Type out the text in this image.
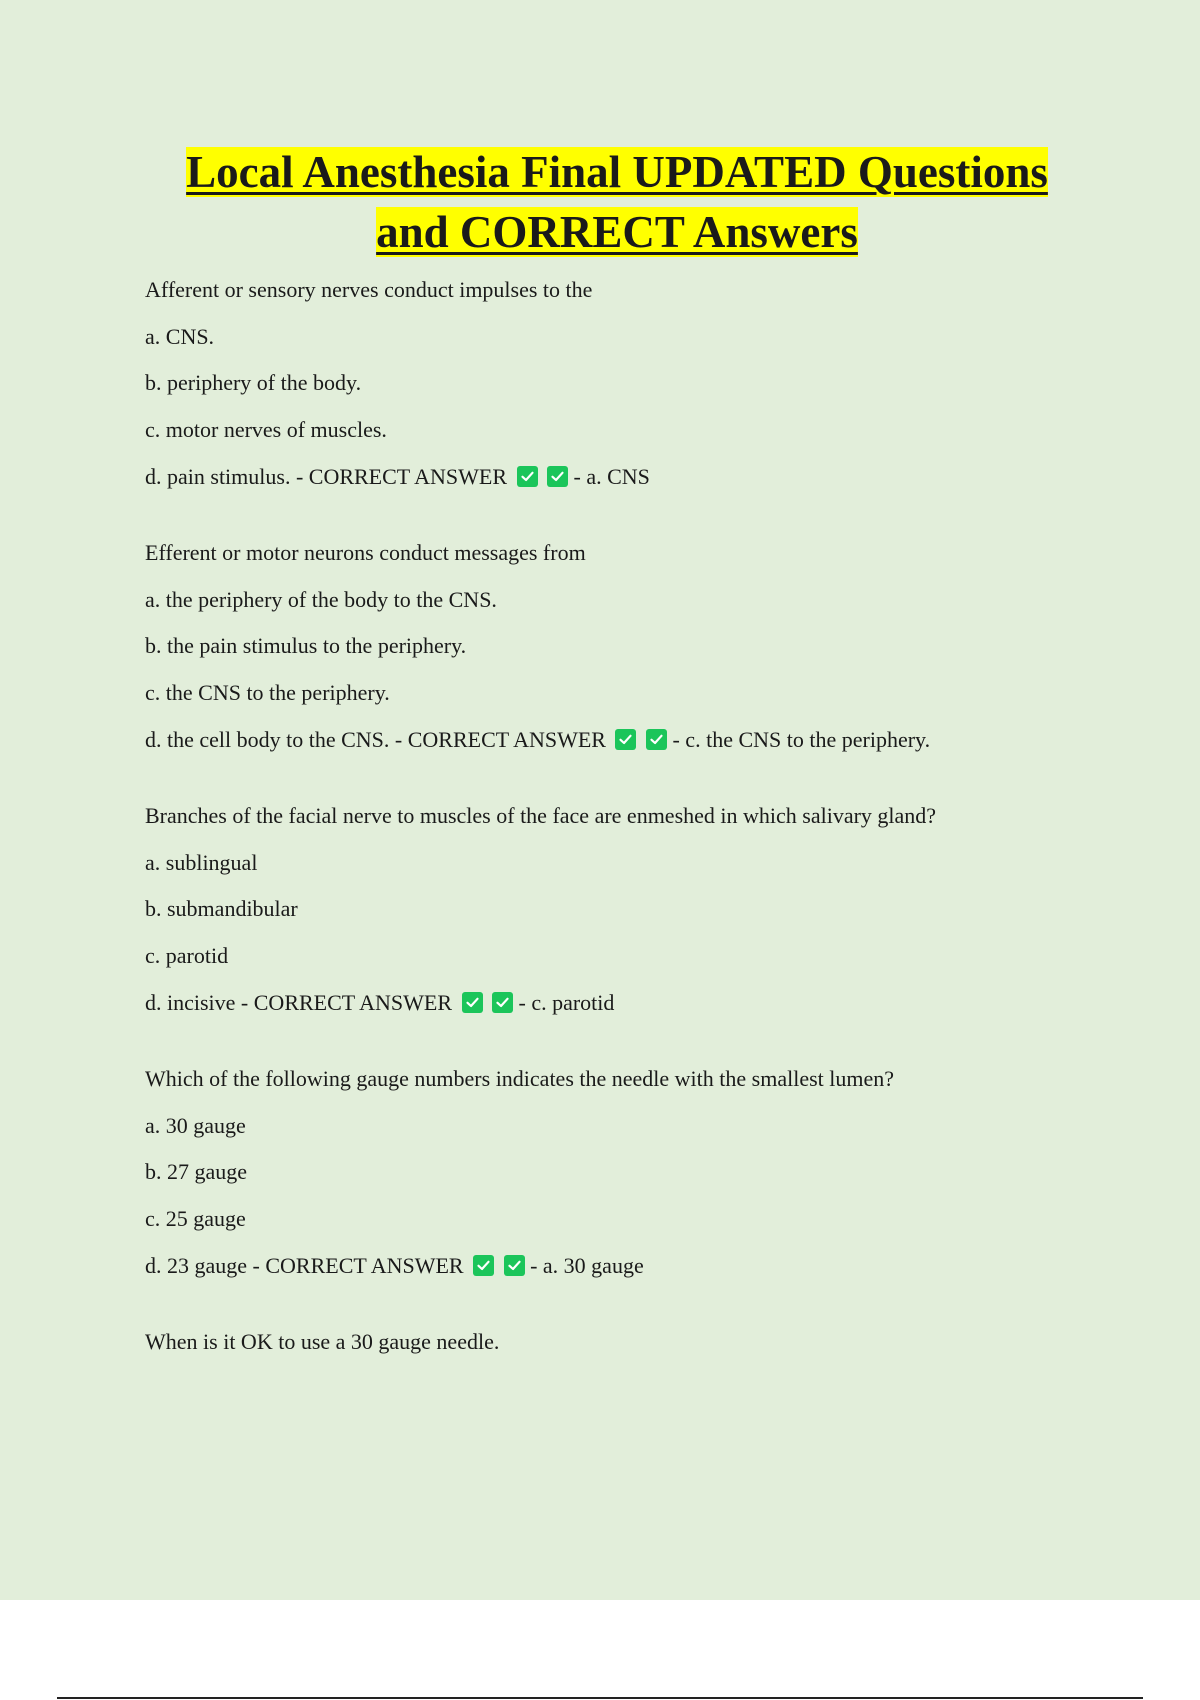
Local Anesthesia Final UPDATED Questions
and CORRECT Answers
Afferent or sensory nerves conduct impulses to the
a. CNS.
b. periphery of the body.
c. motor nerves of muscles.
d. pain stimulus. - CORRECT ANSWER
	- a. CNS
Efferent or motor neurons conduct messages from
a. the periphery of the body to the CNS.
b. the pain stimulus to the periphery.
c. the CNS to the periphery.
d. the cell body to the CNS. - CORRECT ANSWER
	- c. the CNS to the periphery.
Branches of the facial nerve to muscles of the face are enmeshed in which salivary gland?
a. sublingual
b. submandibular
c. parotid
d. incisive - CORRECT ANSWER
	- c. parotid
Which of the following gauge numbers indicates the needle with the smallest lumen?
a. 30 gauge
b. 27 gauge
c. 25 gauge
d. 23 gauge - CORRECT ANSWER
	- a. 30 gauge
When is it OK to use a 30 gauge needle.
